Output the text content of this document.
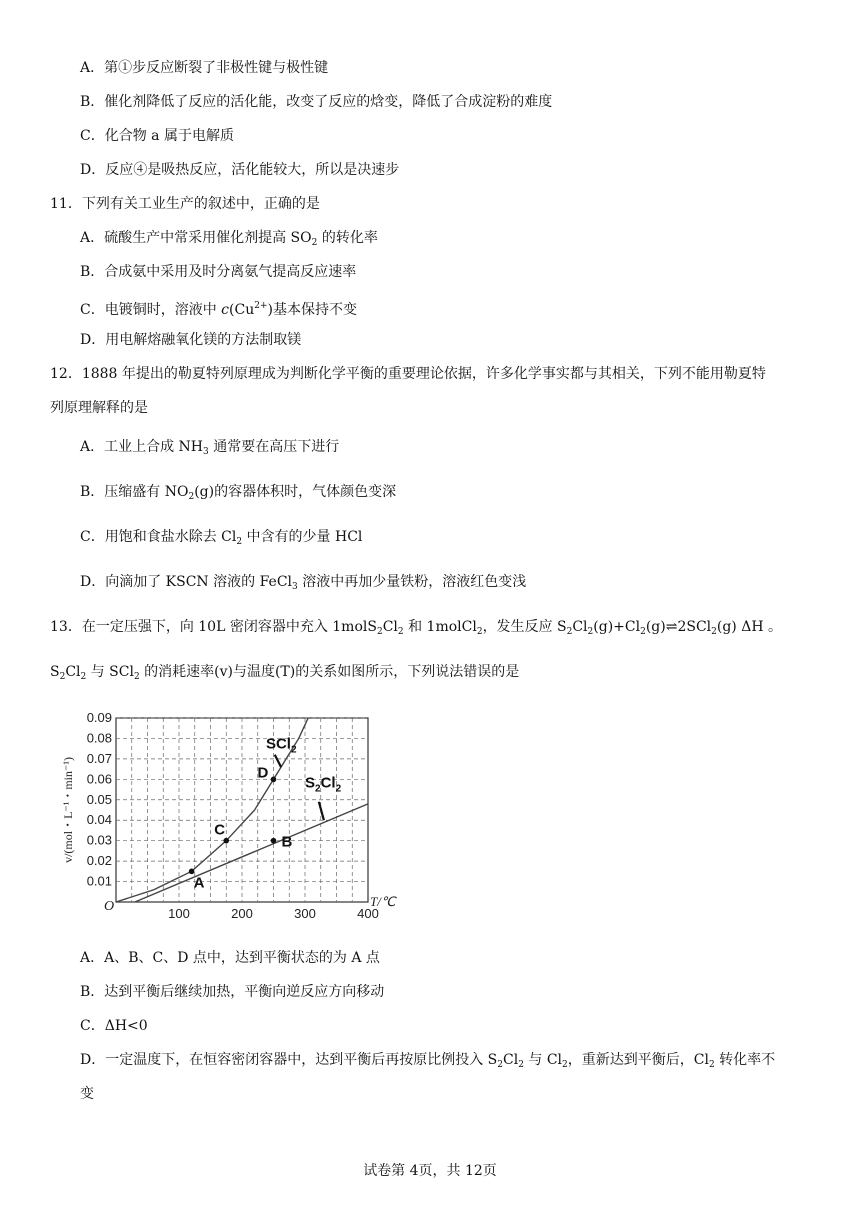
A．第①步反应断裂了非极性键与极性键
B．催化剂降低了反应的活化能，改变了反应的焓变，降低了合成淀粉的难度
C．化合物 a 属于电解质
D．反应④是吸热反应，活化能较大，所以是决速步
11．下列有关工业生产的叙述中，正确的是
A．硫酸生产中常采用催化剂提高 $SO_2$ 的转化率
B．合成氨中采用及时分离氨气提高反应速率
C．电镀铜时，溶液中 $c(Cu^{2+})$基本保持不变
D．用电解熔融氧化镁的方法制取镁
12．1888 年提出的勒夏特列原理成为判断化学平衡的重要理论依据，许多化学事实都与其相关，下列不能用勒夏特
列原理解释的是
A．工业上合成 $NH_3$ 通常要在高压下进行
B．压缩盛有 $NO_2(g)$的容器体积时，气体颜色变深
C．用饱和食盐水除去 $Cl_2$ 中含有的少量 HCl
D．向滴加了 KSCN 溶液的 FeCl$_3$ 溶液中再加少量铁粉，溶液红色变浅
13．在一定压强下，向 10L 密闭容器中充入 $1molS_2Cl_2$ 和 1molCl$_2$，发生反应 $S_2Cl_2(g)+Cl_2(g)\rightleftharpoons 2SCl_2(g)$ ΔH 。
$S_2Cl_2$ 与 SCl$_2$ 的消耗速率(v)与温度(T)的关系如图所示，下列说法错误的是
0.01
0.02
0.03
0.04
0.05
0.06
0.07
0.08
0.09
100	200	300	400
O	T/℃
v/(mol・L⁻¹・min⁻¹)
SCl$_2$
$S_2Cl_2$
A
B
C
D
A．A、B、C、D 点中，达到平衡状态的为 A 点
B．达到平衡后继续加热，平衡向逆反应方向移动
C．ΔH<0
D．一定温度下，在恒容密闭容器中，达到平衡后再按原比例投入 $S_2Cl_2$ 与 $Cl_2$，重新达到平衡后，$Cl_2$ 转化率不
变
试卷第 4页，共 12页
